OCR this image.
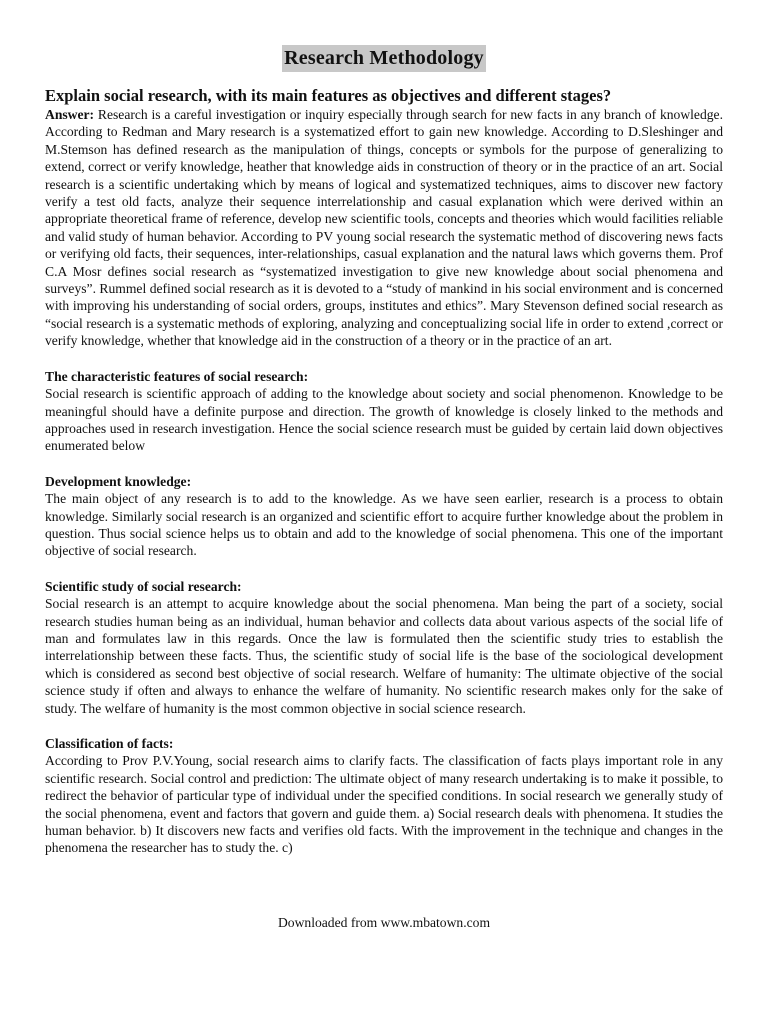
Research Methodology
Explain social research, with its main features as objectives and different stages?

Answer: Research is a careful investigation or inquiry especially through search for new facts in any branch of knowledge. According to Redman and Mary research is a systematized effort to gain new knowledge. According to D.Sleshinger and M.Stemson has defined research as the manipulation of things, concepts or symbols for the purpose of generalizing to extend, correct or verify knowledge, heather that knowledge aids in construction of theory or in the practice of an art. Social research is a scientific undertaking which by means of logical and systematized techniques, aims to discover new factory verify a test old facts, analyze their sequence interrelationship and casual explanation which were derived within an appropriate theoretical frame of reference, develop new scientific tools, concepts and theories which would facilities reliable and valid study of human behavior. According to PV young social research the systematic method of discovering news facts or verifying old facts, their sequences, inter-relationships, casual explanation and the natural laws which governs them. Prof C.A Mosr defines social research as “systematized investigation to give new knowledge about social phenomena and surveys”. Rummel defined social research as it is devoted to a “study of mankind in his social environment and is concerned with improving his understanding of social orders, groups, institutes and ethics”. Mary Stevenson defined social research as “social research is a systematic methods of exploring, analyzing and conceptualizing social life in order to extend ,correct or verify knowledge, whether that knowledge aid in the construction of a theory or in the practice of an art.

The characteristic features of social research:

Social research is scientific approach of adding to the knowledge about society and social phenomenon. Knowledge to be meaningful should have a definite purpose and direction. The growth of knowledge is closely linked to the methods and approaches used in research investigation. Hence the social science research must be guided by certain laid down objectives enumerated below

Development knowledge:

The main object of any research is to add to the knowledge. As we have seen earlier, research is a process to obtain knowledge. Similarly social research is an organized and scientific effort to acquire further knowledge about the problem in question. Thus social science helps us to obtain and add to the knowledge of social phenomena. This one of the important objective of social research.

Scientific study of social research:

Social research is an attempt to acquire knowledge about the social phenomena. Man being the part of a society, social research studies human being as an individual, human behavior and collects data about various aspects of the social life of man and formulates law in this regards. Once the law is formulated then the scientific study tries to establish the interrelationship between these facts. Thus, the scientific study of social life is the base of the sociological development which is considered as second best objective of social research. Welfare of humanity: The ultimate objective of the social science study if often and always to enhance the welfare of humanity. No scientific research makes only for the sake of study. The welfare of humanity is the most common objective in social science research.

Classification of facts:

According to Prov P.V.Young, social research aims to clarify facts. The classification of facts plays important role in any scientific research. Social control and prediction: The ultimate object of many research undertaking is to make it possible, to redirect the behavior of particular type of individual under the specified conditions. In social research we generally study of the social phenomena, event and factors that govern and guide them. a) Social research deals with phenomena. It studies the human behavior. b) It discovers new facts and verifies old facts. With the improvement in the technique and changes in the phenomena the researcher has to study the. c)

Downloaded from www.mbatown.com
